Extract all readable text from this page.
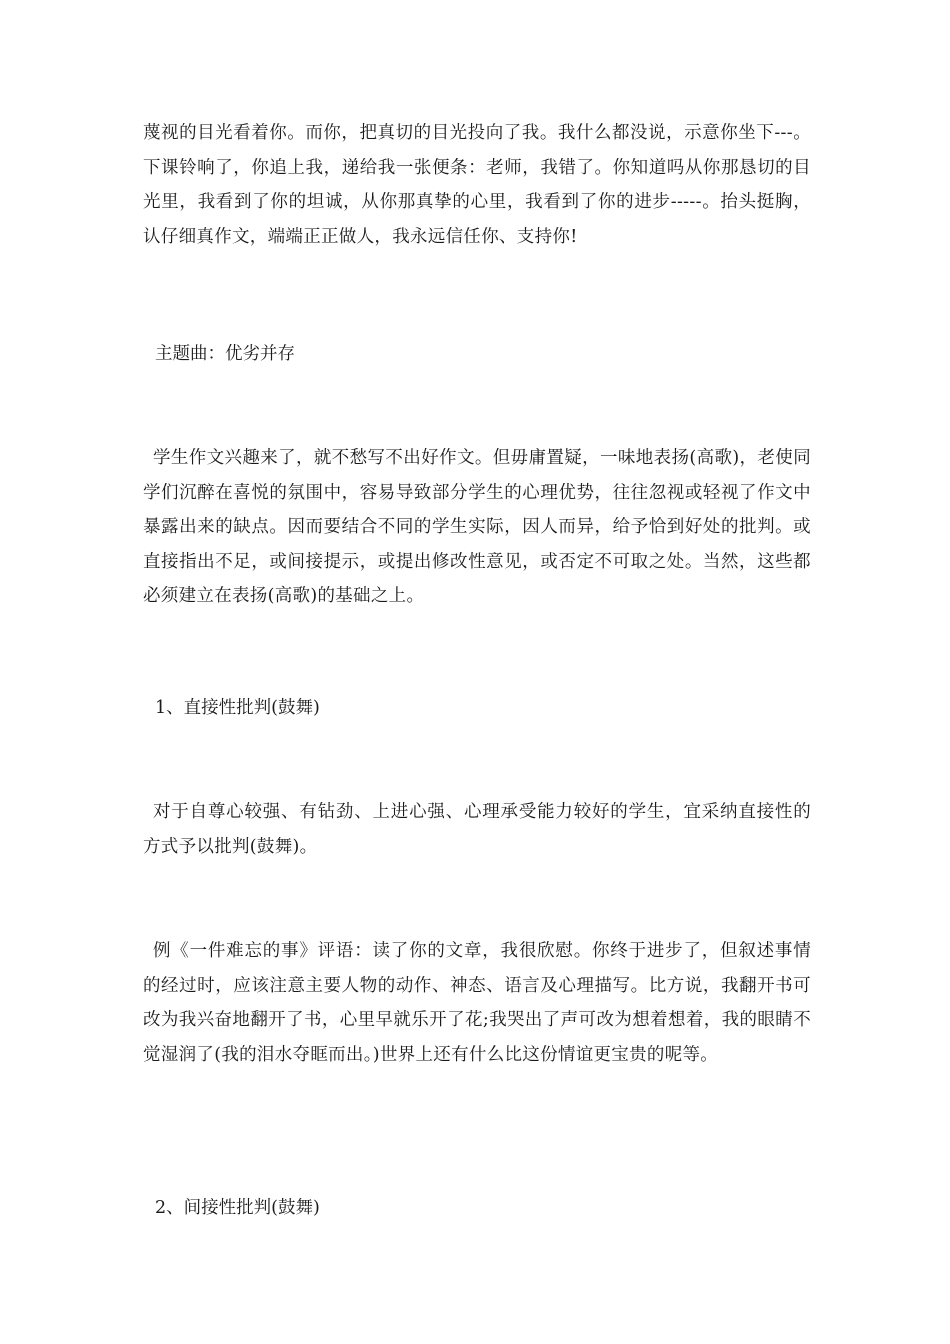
蔑视的目光看着你。而你，把真切的目光投向了我。我什么都没说，示意你坐下---。下课铃响了，你追上我，递给我一张便条：老师，我错了。你知道吗从你那恳切的目光里，我看到了你的坦诚，从你那真挚的心里，我看到了你的进步-----。抬头挺胸，认仔细真作文，端端正正做人，我永远信任你、支持你!

主题曲：优劣并存

学生作文兴趣来了，就不愁写不出好作文。但毋庸置疑，一味地表扬(高歌)，老使同学们沉醉在喜悦的氛围中，容易导致部分学生的心理优势，往往忽视或轻视了作文中暴露出来的缺点。因而要结合不同的学生实际，因人而异，给予恰到好处的批判。或直接指出不足，或间接提示，或提出修改性意见，或否定不可取之处。当然，这些都必须建立在表扬(高歌)的基础之上。

1、直接性批判(鼓舞)

对于自尊心较强、有钻劲、上进心强、心理承受能力较好的学生，宜采纳直接性的方式予以批判(鼓舞)。

例《一件难忘的事》评语：读了你的文章，我很欣慰。你终于进步了，但叙述事情的经过时，应该注意主要人物的动作、神态、语言及心理描写。比方说，我翻开书可改为我兴奋地翻开了书，心里早就乐开了花;我哭出了声可改为想着想着，我的眼睛不觉湿润了(我的泪水夺眶而出。)世界上还有什么比这份情谊更宝贵的呢等。

2、间接性批判(鼓舞)
